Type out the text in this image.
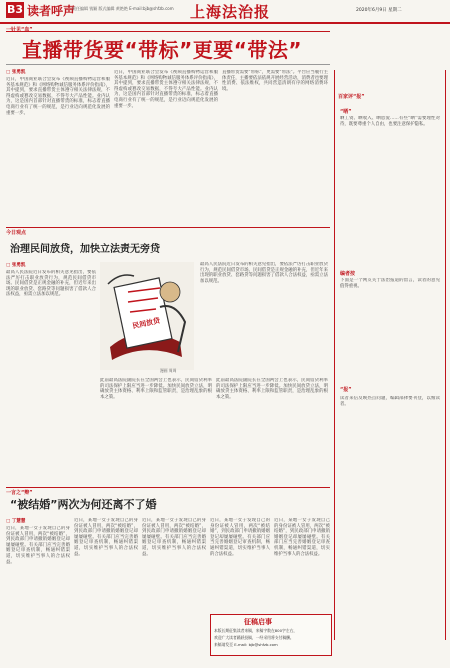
B3 读者呼声
责任编辑 钱颖 版式编辑 黄艳艳 E-mail:bjb@shfzb.com 上海法治报	2020年6月9日 星期二
一针见“血”
直播带货要“带标”更要“带法”
□ 张勇凯
近日，中国商业联合会发布《视频直播购物运营和服务基本规范》和《网络购物诚信服务体系评价指南》，其中提到，要求直播带货主体遵守相关法律法规，不得虚构或篡改交易数据，不得夸大产品性能。业内认为，这是国内首部针对直播带货的标准，标志着直播电商行业有了统一的规范，是行业迈向规范化发展的重要一步。
近日，中国商业联合会发布《视频直播购物运营和服务基本规范》和《网络购物诚信服务体系评价指南》，其中提到，要求直播带货主体遵守相关法律法规，不得虚构或篡改交易数据，不得夸大产品性能。业内认为，这是国内首部针对直播带货的标准，标志着直播电商行业有了统一的规范，是行业迈向规范化发展的重要一步。
直播带货需要“带标”，更需要“带法”。平台应当履行主体责任，主播要依法依规开展经营活动，消费者也要理性消费、依法维权，共同营造清朗有序的网络消费环境。
百家评“报”
“晒”
晒工资、晒收入、晒恩爱……有些“晒”需要理性对待，既要尊重个人自由，也要注意保护隐私。
编者按
下面是一个网友关于法治报道的留言，读者的意见值得重视。
“报”
读者来信反映热点问题，编辑部择要刊登，以飨读者。
今日观点
治理民间放贷，加快立法责无旁贷
□ 张勇凯
最高人民法院近日发布的相关意见指出，要依法严厉打击职业放贷行为，规范民间借贷市场。民间借贷是正规金融的补充，但近年来出现的职业放贷、套路贷等问题损害了借款人合法权益，亟需立法加以规范。
最高人民法院近日发布的相关意见指出，要依法严厉打击职业放贷行为，规范民间借贷市场。民间借贷是正规金融的补充，但近年来出现的职业放贷、套路贷等问题损害了借款人合法权益，亟需立法加以规范。
此前最高法院副院长在全国两会上也表示，民间借贷利率的司法保护上限应当进一步降低。加快民间放贷立法，明确放贷主体资格、利率上限和监管职责，是治理乱象的根本之策。
此前最高法院副院长在全国两会上也表示，民间借贷利率的司法保护上限应当进一步降低。加快民间放贷立法，明确放贷主体资格、利率上限和监管职责，是治理乱象的根本之策。
民间放贷
漫画 周周
一言之“辩”
“被结婚”两次为何还离不了婚
□ 丁慧慧
近日，某地一女子发现自己的身份证被人冒用，两次“被结婚”，到民政部门申请撤销婚姻登记却屡屡碰壁。有关部门应当完善婚姻登记审查机制，畅通纠错渠道，切实维护当事人的合法权益。
近日，某地一女子发现自己的身份证被人冒用，两次“被结婚”，到民政部门申请撤销婚姻登记却屡屡碰壁。有关部门应当完善婚姻登记审查机制，畅通纠错渠道，切实维护当事人的合法权益。
近日，某地一女子发现自己的身份证被人冒用，两次“被结婚”，到民政部门申请撤销婚姻登记却屡屡碰壁。有关部门应当完善婚姻登记审查机制，畅通纠错渠道，切实维护当事人的合法权益。
近日，某地一女子发现自己的身份证被人冒用，两次“被结婚”，到民政部门申请撤销婚姻登记却屡屡碰壁。有关部门应当完善婚姻登记审查机制，畅通纠错渠道，切实维护当事人的合法权益。
近日，某地一女子发现自己的身份证被人冒用，两次“被结婚”，到民政部门申请撤销婚姻登记却屡屡碰壁。有关部门应当完善婚姻登记审查机制，畅通纠错渠道，切实维护当事人的合法权益。
征稿启事
本版长期征集读者来稿，来稿字数在800字左右，
欢迎广大读者踊跃投稿，一经采用将支付稿酬。
来稿请发至 E-mail: bjb@shfzb.com
